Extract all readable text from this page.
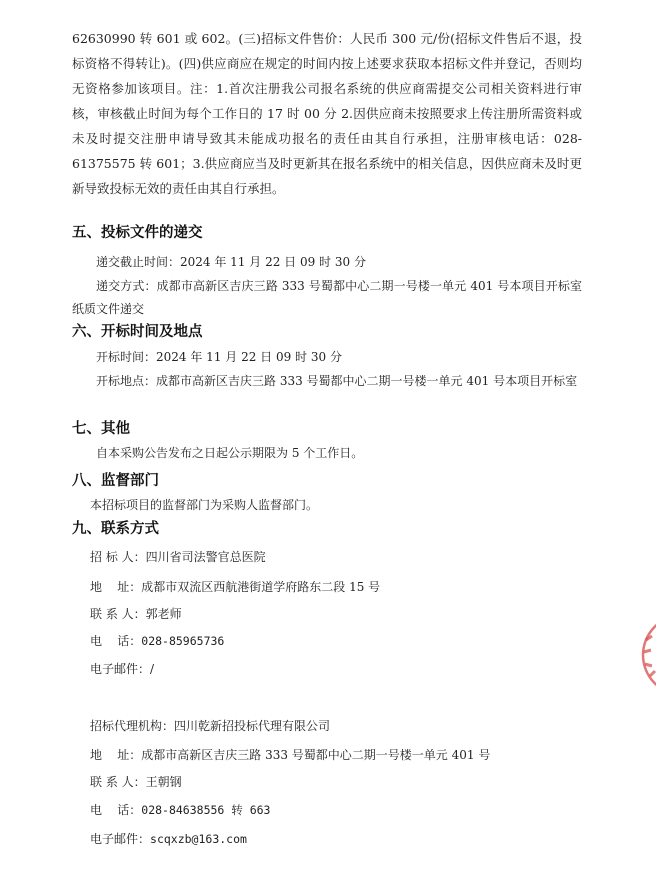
62630990 转 601 或 602。(三)招标文件售价：人民币 300 元/份(招标文件售后不退，投标资格不得转让)。(四)供应商应在规定的时间内按上述要求获取本招标文件并登记，否则均无资格参加该项目。注：1.首次注册我公司报名系统的供应商需提交公司相关资料进行审核，审核截止时间为每个工作日的 17 时 00 分 2.因供应商未按照要求上传注册所需资料或未及时提交注册申请导致其未能成功报名的责任由其自行承担，注册审核电话：028-61375575 转 601；3.供应商应当及时更新其在报名系统中的相关信息，因供应商未及时更新导致投标无效的责任由其自行承担。

五、投标文件的递交

递交截止时间：2024 年 11 月 22 日 09 时 30 分

递交方式：成都市高新区吉庆三路 333 号蜀都中心二期一号楼一单元 401 号本项目开标室纸质文件递交

六、开标时间及地点

开标时间：2024 年 11 月 22 日 09 时 30 分

开标地点：成都市高新区吉庆三路 333 号蜀都中心二期一号楼一单元 401 号本项目开标室

七、其他

自本采购公告发布之日起公示期限为 5 个工作日。

八、监督部门

本招标项目的监督部门为采购人监督部门。

九、联系方式

招 标 人：四川省司法警官总医院
地    址：成都市双流区西航港街道学府路东二段 15 号
联 系 人：郭老师
电    话：028-85965736
电子邮件：/
招标代理机构：四川乾新招投标代理有限公司
地    址：成都市高新区吉庆三路 333 号蜀都中心二期一号楼一单元 401 号
联 系 人：王朝钢
电    话：028-84638556 转 663
电子邮件：scqxzb@163.com
